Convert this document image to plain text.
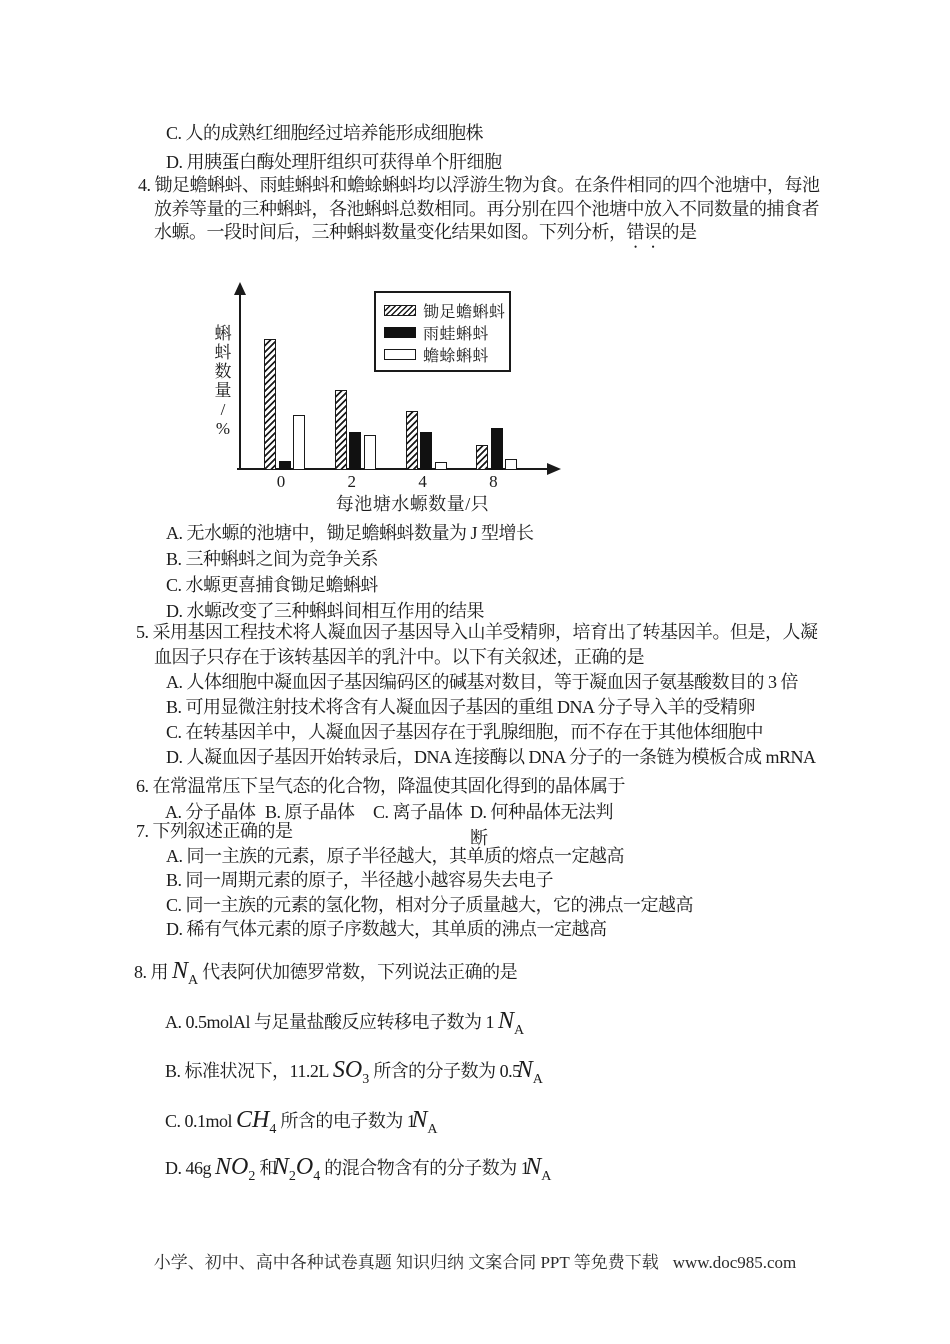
C. 人的成熟红细胞经过培养能形成细胞株
D. 用胰蛋白酶处理肝组织可获得单个肝细胞
4. 锄足蟾蝌蚪、雨蛙蝌蚪和蟾蜍蝌蚪均以浮游生物为食。在条件相同的四个池塘中，每池
放养等量的三种蝌蚪，各池蝌蚪总数相同。再分别在四个池塘中放入不同数量的捕食者
水螈。一段时间后，三种蝌蚪数量变化结果如图。下列分析，错误的是
蝌
蚪
数
量
/
%
0	2	4	8
每池塘水螈数量/只
锄足蟾蝌蚪
雨蛙蝌蚪
蟾蜍蝌蚪
A. 无水螈的池塘中，锄足蟾蝌蚪数量为 J 型增长
B. 三种蝌蚪之间为竞争关系
C. 水螈更喜捕食锄足蟾蝌蚪
D. 水螈改变了三种蝌蚪间相互作用的结果
5. 采用基因工程技术将人凝血因子基因导入山羊受精卵，培育出了转基因羊。但是，人凝
血因子只存在于该转基因羊的乳汁中。以下有关叙述，正确的是
A. 人体细胞中凝血因子基因编码区的碱基对数目，等于凝血因子氨基酸数目的 3 倍
B. 可用显微注射技术将含有人凝血因子基因的重组 DNA 分子导入羊的受精卵
C. 在转基因羊中，人凝血因子基因存在于乳腺细胞，而不存在于其他体细胞中
D. 人凝血因子基因开始转录后，DNA 连接酶以 DNA 分子的一条链为模板合成 mRNA
6. 在常温常压下呈气态的化合物，降温使其固化得到的晶体属于
A. 分子晶体 B. 原子晶体 C. 离子晶体 D. 何种晶体无法判断
7. 下列叙述正确的是
A. 同一主族的元素，原子半径越大，其单质的熔点一定越高
B. 同一周期元素的原子，半径越小越容易失去电子
C. 同一主族的元素的氢化物，相对分子质量越大，它的沸点一定越高
D. 稀有气体元素的原子序数越大，其单质的沸点一定越高
8. 用 $N_A$ 代表阿伏加德罗常数，下列说法正确的是
A. 0.5molAl 与足量盐酸反应转移电子数为 1 $N_A$
B. 标准状况下，11.2L $SO_3$ 所含的分子数为 $0.5N_A$
C. 0.1mol $CH_4$ 所含的电子数为 $1N_A$
D. 46g $NO_2$ 和$N_2O_4$ 的混合物含有的分子数为 $1N_A$
小学、初中、高中各种试卷真题 知识归纳 文案合同 PPT 等免费下载 www.doc985.com
